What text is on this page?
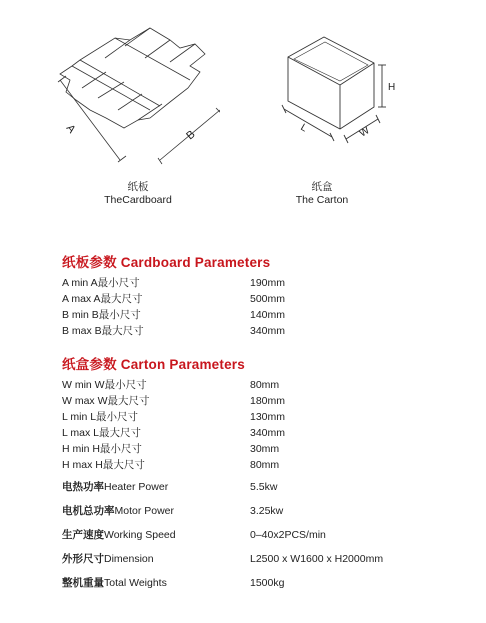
A	B
H
L	W
纸板
TheCardboard
纸盒
The Carton
纸板参数 Cardboard Parameters
A min A最小尺寸	190mm
A max A最大尺寸	500mm
B min B最小尺寸	140mm
B max B最大尺寸	340mm
纸盒参数 Carton Parameters
W min W最小尺寸	80mm
W max W最大尺寸	180mm
L min L最小尺寸	130mm
L max L最大尺寸	340mm
H min H最小尺寸	30mm
H max H最大尺寸	80mm
电热功率Heater Power	5.5kw
电机总功率Motor Power	3.25kw
生产速度Working Speed	0–40x2PCS/min
外形尺寸Dimension	L2500 x W1600 x H2000mm
整机重量Total Weights	1500kg
